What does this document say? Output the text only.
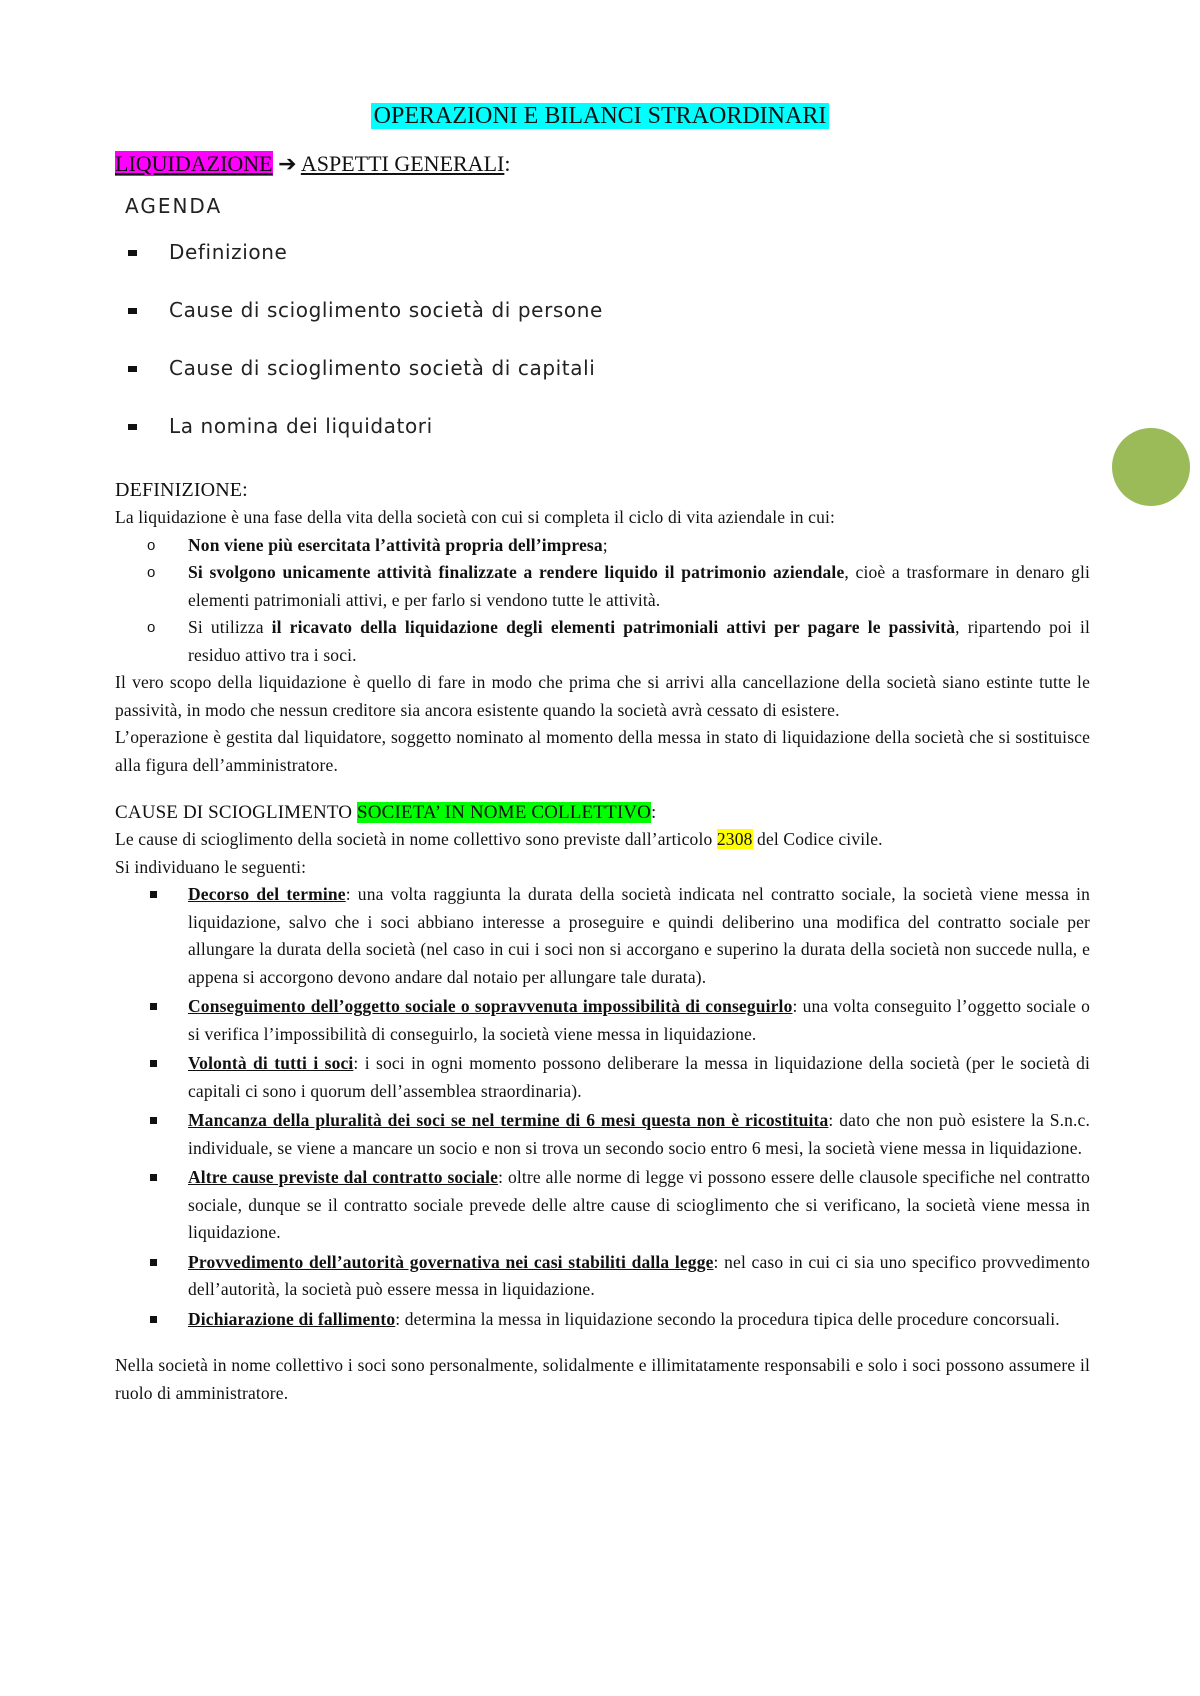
OPERAZIONI E BILANCI STRAORDINARI
LIQUIDAZIONE ➔ ASPETTI GENERALI:
AGENDA
Definizione
Cause di scioglimento società di persone
Cause di scioglimento società di capitali
La nomina dei liquidatori
DEFINIZIONE:

La liquidazione è una fase della vita della società con cui si completa il ciclo di vita aziendale in cui:

o Non viene più esercitata l’attività propria dell’impresa;
o Si svolgono unicamente attività finalizzate a rendere liquido il patrimonio aziendale, cioè a trasformare in denaro gli elementi patrimoniali attivi, e per farlo si vendono tutte le attività.
o Si utilizza il ricavato della liquidazione degli elementi patrimoniali attivi per pagare le passività, ripartendo poi il residuo attivo tra i soci.

Il vero scopo della liquidazione è quello di fare in modo che prima che si arrivi alla cancellazione della società siano estinte tutte le passività, in modo che nessun creditore sia ancora esistente quando la società avrà cessato di esistere.

L’operazione è gestita dal liquidatore, soggetto nominato al momento della messa in stato di liquidazione della società che si sostituisce alla figura dell’amministratore.

CAUSE DI SCIOGLIMENTO SOCIETA’ IN NOME COLLETTIVO:

Le cause di scioglimento della società in nome collettivo sono previste dall’articolo 2308 del Codice civile.

Si individuano le seguenti:

Decorso del termine: una volta raggiunta la durata della società indicata nel contratto sociale, la società viene messa in liquidazione, salvo che i soci abbiano interesse a proseguire e quindi deliberino una modifica del contratto sociale per allungare la durata della società (nel caso in cui i soci non si accorgano e superino la durata della società non succede nulla, e appena si accorgono devono andare dal notaio per allungare tale durata).
Conseguimento dell’oggetto sociale o sopravvenuta impossibilità di conseguirlo: una volta conseguito l’oggetto sociale o si verifica l’impossibilità di conseguirlo, la società viene messa in liquidazione.
Volontà di tutti i soci: i soci in ogni momento possono deliberare la messa in liquidazione della società (per le società di capitali ci sono i quorum dell’assemblea straordinaria).
Mancanza della pluralità dei soci se nel termine di 6 mesi questa non è ricostituita: dato che non può esistere la S.n.c. individuale, se viene a mancare un socio e non si trova un secondo socio entro 6 mesi, la società viene messa in liquidazione.
Altre cause previste dal contratto sociale: oltre alle norme di legge vi possono essere delle clausole specifiche nel contratto sociale, dunque se il contratto sociale prevede delle altre cause di scioglimento che si verificano, la società viene messa in liquidazione.
Provvedimento dell’autorità governativa nei casi stabiliti dalla legge: nel caso in cui ci sia uno specifico provvedimento dell’autorità, la società può essere messa in liquidazione.
Dichiarazione di fallimento: determina la messa in liquidazione secondo la procedura tipica delle procedure concorsuali.

Nella società in nome collettivo i soci sono personalmente, solidalmente e illimitatamente responsabili e solo i soci possono assumere il ruolo di amministratore.
